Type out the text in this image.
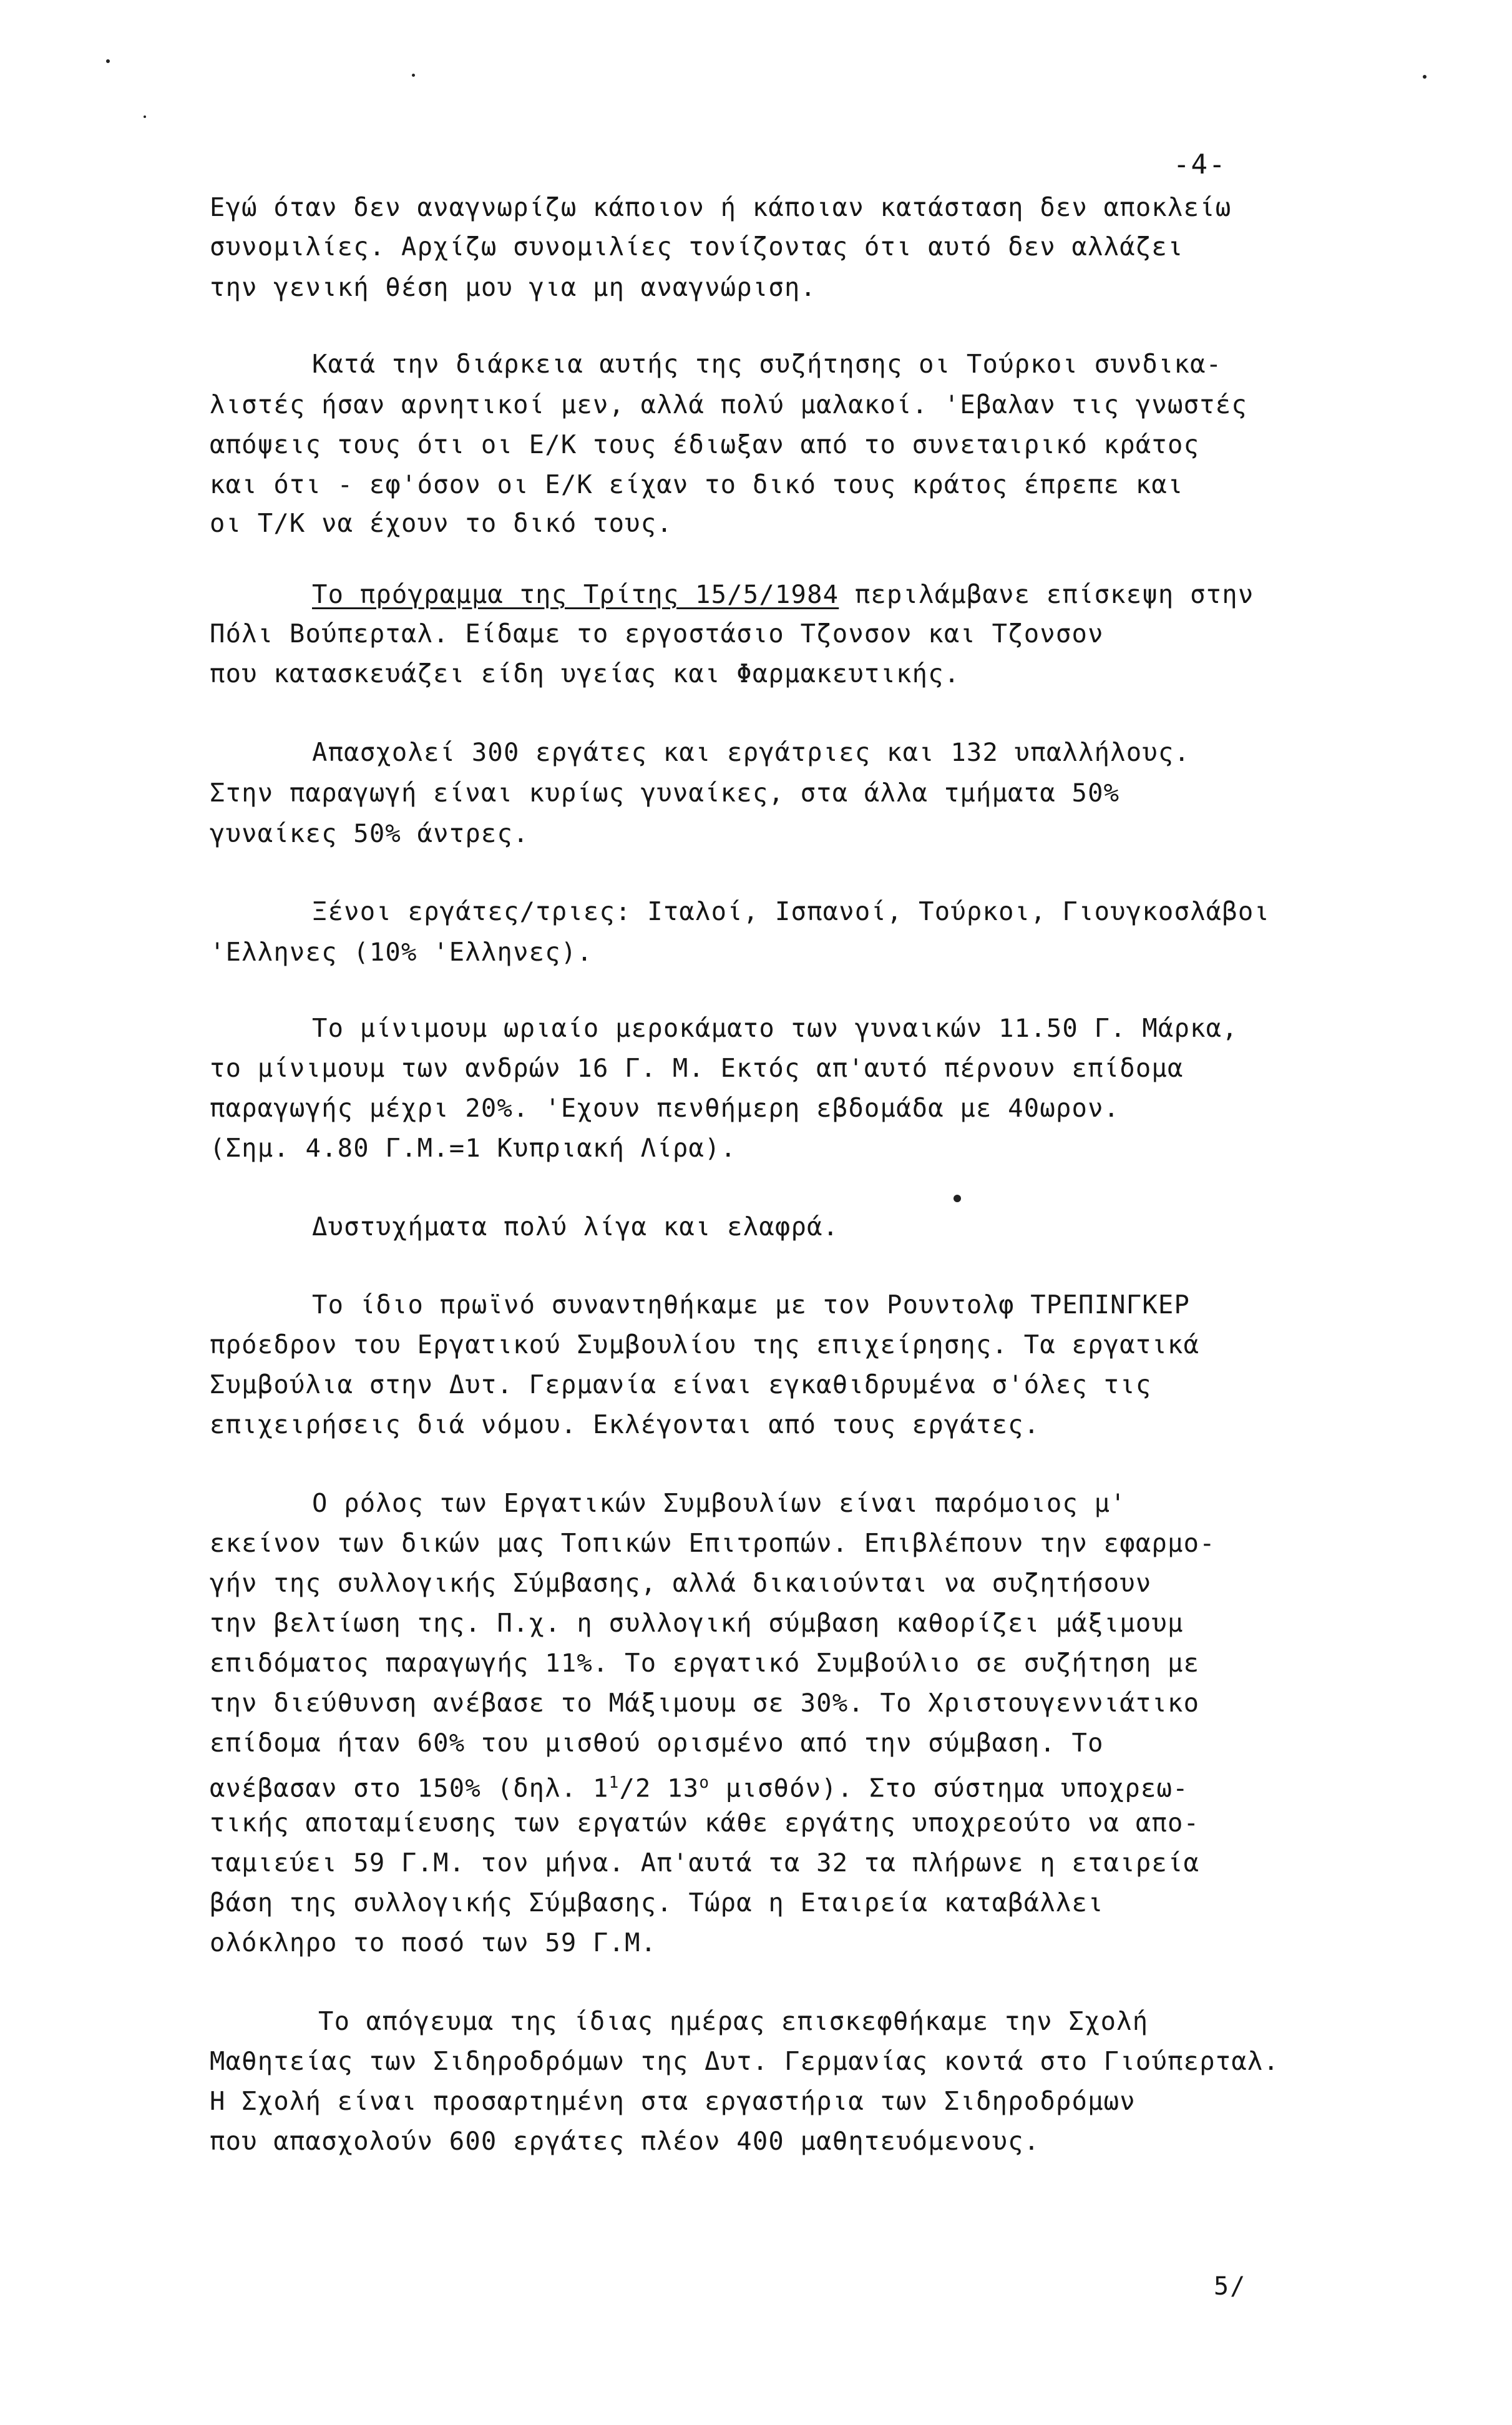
-4-
Εγώ όταν δεν αναγνωρίζω κάποιον ή κάποιαν κατάσταση δεν αποκλείω
συνομιλίες. Αρχίζω συνομιλίες τονίζοντας ότι αυτό δεν αλλάζει
την γενική θέση μου για μη αναγνώριση.
Κατά την διάρκεια αυτής της συζήτησης οι Τούρκοι συνδικα-
λιστές ήσαν αρνητικοί μεν, αλλά πολύ μαλακοί. 'Εβαλαν τις γνωστές
απόψεις τους ότι οι Ε/Κ τους έδιωξαν από το συνεταιρικό κράτος
και ότι - εφ'όσον οι Ε/Κ είχαν το δικό τους κράτος έπρεπε και
οι Τ/Κ να έχουν το δικό τους.
Το πρόγραμμα της Τρίτης 15/5/1984 πεpιλάμβανε επίσκεψη στην
Πόλι Βούπερταλ. Είδαμε το εργοστάσιο Τζονσον και Τζονσον
που κατασκευάζει είδη υγείας και Φαρμακευτικής.
Απασχολεί 300 εργάτες και εργάτριες και 132 υπαλλήλους.
Στην παραγωγή είναι κυρίως γυναίκες, στα άλλα τμήματα 50%
γυναίκες 50% άντρες.
Ξένοι εργάτες/τριες: Ιταλοί, Ισπανοί, Τούρκοι, Γιουγκοσλάβοι
'Ελληνες (10% 'Ελληνες).
Το μίνιμουμ ωριαίο μεροκάματο των γυναικών 11.50 Γ. Μάρκα,
το μίνιμουμ των ανδρών 16 Γ. Μ. Εκτός απ'αυτό πέρνουν επίδομα
παραγωγής μέχρι 20%. 'Εχουν πενθήμερη εβδομάδα με 40ωρον.
(Σημ. 4.80 Γ.Μ.=1 Κυπριακή Λίρα).
Δυστυχήματα πολύ λίγα και ελαφρά.
Το ίδιο πρωϊνό συναντηθήκαμε με τον Ρουντολφ ΤΡΕΠΙΝΓΚΕΡ
πρόεδρον του Εργατικού Συμβουλίου της επιχείρησης. Τα εργατικά
Συμβούλια στην Δυτ. Γερμανία είναι εγκαθιδρυμένα σ'όλες τις
επιχειρήσεις διά νόμου. Εκλέγονται από τους εργάτες.
Ο ρόλος των Εργατικών Συμβουλίων είναι παρόμοιος μ'
εκείνον των δικών μας Τοπικών Επιτροπών. Επιβλέπουν την εφαρμο-
γήν της συλλογικής Σύμβασης, αλλά δικαιούνται να συζητήσουν
την βελτίωση της. Π.χ. η συλλογική σύμβαση καθορίζει μάξιμουμ
επιδόματος παραγωγής 11%. Το εργατικό Συμβούλιο σε συζήτηση με
την διεύθυνση ανέβασε το Μάξιμουμ σε 30%. Το Χριστουγεννιάτικο
επίδομα ήταν 60% του μισθού ορισμένο από την σύμβαση. Το
ανέβασαν στο 150% (δηλ. $1^1/2$ $13^o$ μισθόν). Στο σύστημα υποχρεω-
τικής αποταμίευσης των εργατών κάθε εργάτης υποχρεούτο να απο-
ταμιεύει 59 Γ.Μ. τον μήνα. Απ'αυτά τα 32 τα πλήρωνε η εταιρεία
βάση της συλλογικής Σύμβασης. Τώρα η Εταιρεία καταβάλλει
ολόκληρο το ποσό των 59 Γ.Μ.
Το απόγευμα της ίδιας ημέρας επισκεφθήκαμε την Σχολή
Μαθητείας των Σιδηροδρόμων της Δυτ. Γερμανίας κοντά στο Γιούπερταλ.
Η Σχολή είναι προσαρτημένη στα εργαστήρια των Σιδηροδρόμων
που απασχολούν 600 εργάτες πλέον 400 μαθητευόμενους.
5/
